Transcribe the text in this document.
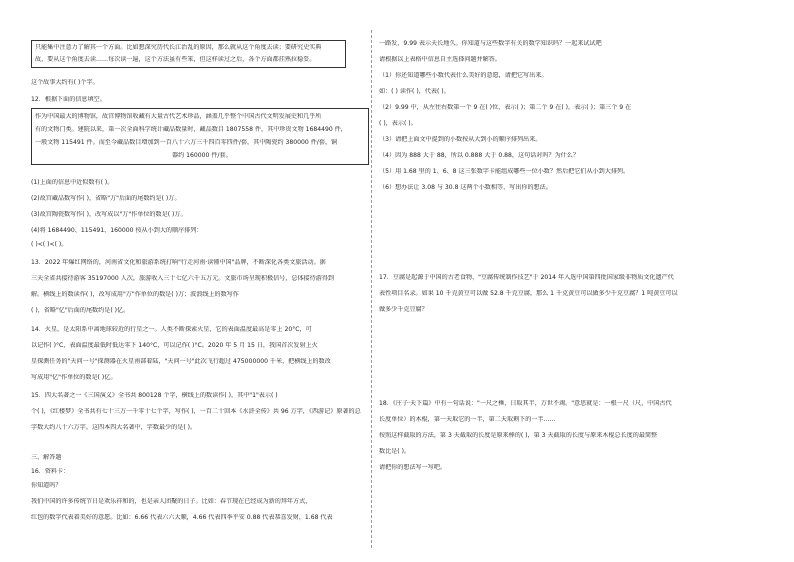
只能集中注意力了解其一个方面。比如想深究历代长江治乱的原因，那么就从这个角度去读；要研究史实典
故，要从这个角度去读……每次读一遍，这个方法虽有些笨，但这样读过之后，各个方面都挂熟拉稳妥。
这个故事大约有( )个字。
12．根据下面的信息填空。
作为中国最大的博物馆，故宫博物馆收藏有大量古代艺术珍品，涵盖几乎整个中国古代文明发展史和几乎所
有的文物门类。建院以来，第一次全面科学统计藏品数量时，藏品数目 1807558 件，其中珍贵文物 1684490 件，
一般文物 115491 件。而至今藏品数目增加到一百八十六万三千四百零四件/套，其中陶瓷约 380000 件/套，铜
器约 160000 件/套。
(1)上面的信息中近似数有( )。
(2)故宫藏品数写作( )，省略"万"后面的尾数约是( )万。
(3)故宫陶瓷数写作( )，改写成以"万"作单位的数是( )万。
(4)将 1684490、115491、160000 按从小到大的顺序排列：
( )<( )<( )。
13．2022 年爆红网络的，河南省文化和旅游系统打响"行走河南·读懂中国"品牌，不断深化各类文旅活动。据
三天全省共接待游客 35197000 人次，旅游收入三十七亿六千五万元。文旅市场呈现积极信号，总体接待游得到
解。横线上的数读作( )，改写成用"万"作单位的数是( )万；波浪线上的数写作
( )，省略"亿"后面的尾数约是( )亿。
14．火星，是太阳系中离地球较近的行星之一。人类不断探索火星，它的表面温度最高是零上 20°C，可
以记作( )°C，表面温度最低时低达零下 140°C，可以记作( )°C。2020 年 5 月 15 日，我国首次发射上火
星探测任务的"天问一号"探测器在火星南部着陆，"天问一号"此次飞行超过 475000000 千米，把横线上的数改
写成用"亿"作单位的数是( )亿。
15．四大名著之一《三国演义》全书共 800128 个字，横线上的数读作( )，其中"1"表示( )
个( )，《红楼梦》全书共有七十三万一千零十七个字，写作( )，一百二十回本《水浒全传》共 96 万字，《西游记》原著的总
字数大约八十六万字。这四本四大名著中，字数最少的是( )。
三、解答题
16．资料卡：
你知道吗？
我们中国的许多传统节日是欢乐祥和的，也是亲人团聚的日子。比如：春节现在已经成为新的拜年方式，
红包的数字代表着美好的意愿。比如：6.66 代表六六大顺，4.66 代表四季平安 0.88 代表恭喜发财，1.68 代表
一路发，9.99 表示天长地久。你知道与这些数字有关的数学知识吗？一起来试试吧
请根据以上表格中信息自主选择问题并解答。
（1）你还知道哪些小数代表什么美好的意愿，请把它写出来。
如：( ) 读作( )，代表( )。
（2）9.99 中，从左往右数第一个 9 在( )位，表示( )；第二个 9 在( )，表示( )；第三个 9 在
( )，表示( )。
（3）请把上面文中提到的小数按从大到小的顺序排列出来。
（4）因为 888 大于 88，所以 0.888 大于 0.88，这句话对吗？为什么？
（5）用 1.68 里的 1、6、8 这三张数字卡能组成哪些一位小数？然后把它们从小到大排列。
（6）想办法让 3.08 与 30.8 这两个小数相等，写出你的想法。
17．豆腐是起源于中国的古老食物，"豆腐传统制作技艺"于 2014 年入选中国第四批国家级非物质文化遗产代
表性项目名录。如果 10 千克黄豆可以做 52.8 千克豆腐，那么 1 千克黄豆可以做多少千克豆腐？1 吨黄豆可以
做多少千克豆腐？
18．《庄子·天下篇》中有一句话说："一尺之棰，日取其半，万世不竭。"意思就是：一根一尺（尺，中国古代
长度单位）的木棍，第一天取它的一半，第二天取剩下的一半……
按照这样截取的方法，第 3 天截取的长度是原来棒的( )，第 3 天截取的长度与原来木棍总长度的最简整
数比是( )。
请把你的想法写一写吧。
